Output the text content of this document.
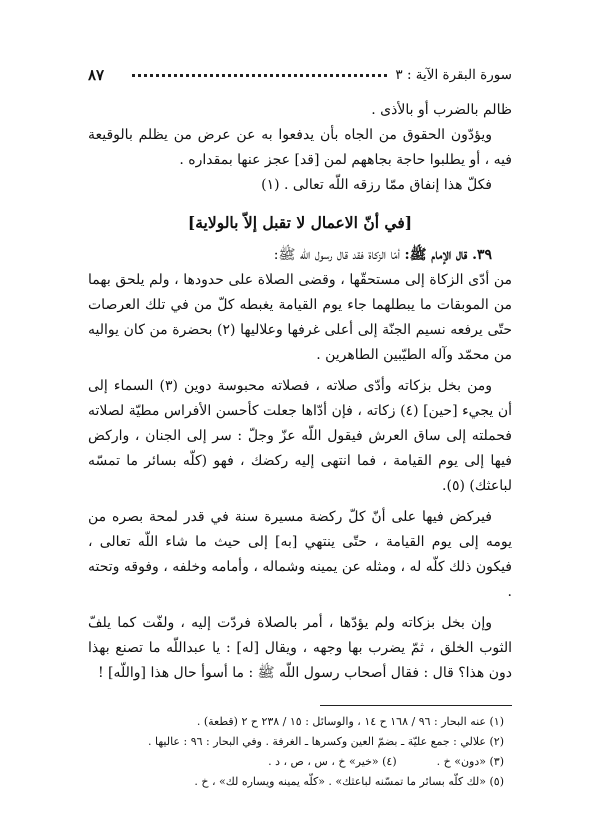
٨٧	سورة البقرة الآية : ٣

ظالم بالضرب أو بالأذى .

ويؤدّون الحقوق من الجاه بأن يدفعوا به عن عرض من يظلم بالوقيعة فيه ، أو يطلبوا حاجة بجاههم لمن [قد] عجز عنها بمقداره .

فكلّ هذا إنفاق ممّا رزقه اللّه تعالى . (١)

[في أنّ الاعمال لا تقبل إلاّ بالولاية]

٣٩. قال الإمام ﷺ: أمّا الزكاة فقد قال رسول اللّه ﷺ:

من أدّى الزكاة إلى مستحقّها ، وقضى الصلاة على حدودها ، ولم يلحق بهما من الموبقات ما يبطلهما جاء يوم القيامة يغبطه كلّ من في تلك العرصات حتّى يرفعه نسيم الجنّة إلى أعلى غرفها وعلاليها (٢) بحضرة من كان يواليه من محمّد وآله الطيّبين الطاهرين .

ومن بخل بزكاته وأدّى صلاته ، فصلاته محبوسة دوين (٣) السماء إلى أن يجيء [حين] (٤) زكاته ، فإن أدّاها جعلت كأحسن الأفراس مطيّة لصلاته فحملته إلى ساق العرش فيقول اللّه عزّ وجلّ : سر إلى الجنان ، واركض فيها إلى يوم القيامة ، فما انتهى إليه ركضك ، فهو (كلّه بسائر ما تمسّه لباعثك) (٥).

فيركض فيها على أنّ كلّ ركضة مسيرة سنة في قدر لمحة بصره من يومه إلى يوم القيامة ، حتّى ينتهي [به] إلى حيث ما شاء اللّه تعالى ، فيكون ذلك كلّه له ، ومثله عن يمينه وشماله ، وأمامه وخلفه ، وفوقه وتحته .

وإن بخل بزكاته ولم يؤدّها ، أمر بالصلاة فردّت إليه ، ولفّت كما يلفّ الثوب الخلق ، ثمّ يضرب بها وجهه ، ويقال [له] : يا عبداللّه ما تصنع بهذا دون هذا؟ قال : فقال أصحاب رسول اللّه ﷺ : ما أسوأ حال هذا [واللّه] !

(١) عنه البحار : ٩٦ / ١٦٨ ح ١٤ ، والوسائل : ١٥ / ٢٣٨ ح ٢ (قطعة) .
(٢) علالي : جمع عليّة ـ بضمّ العين وكسرها ـ الغرفة . وفي البحار : ٩٦ : عاليها .
(٣) «دون» خ .
(٤) «خير» خ ، س ، ص ، د .
(٥) «لك كلّه بسائر ما تمسّنه لباعثك» . «كلّه يمينه ويساره لك» ، خ .
